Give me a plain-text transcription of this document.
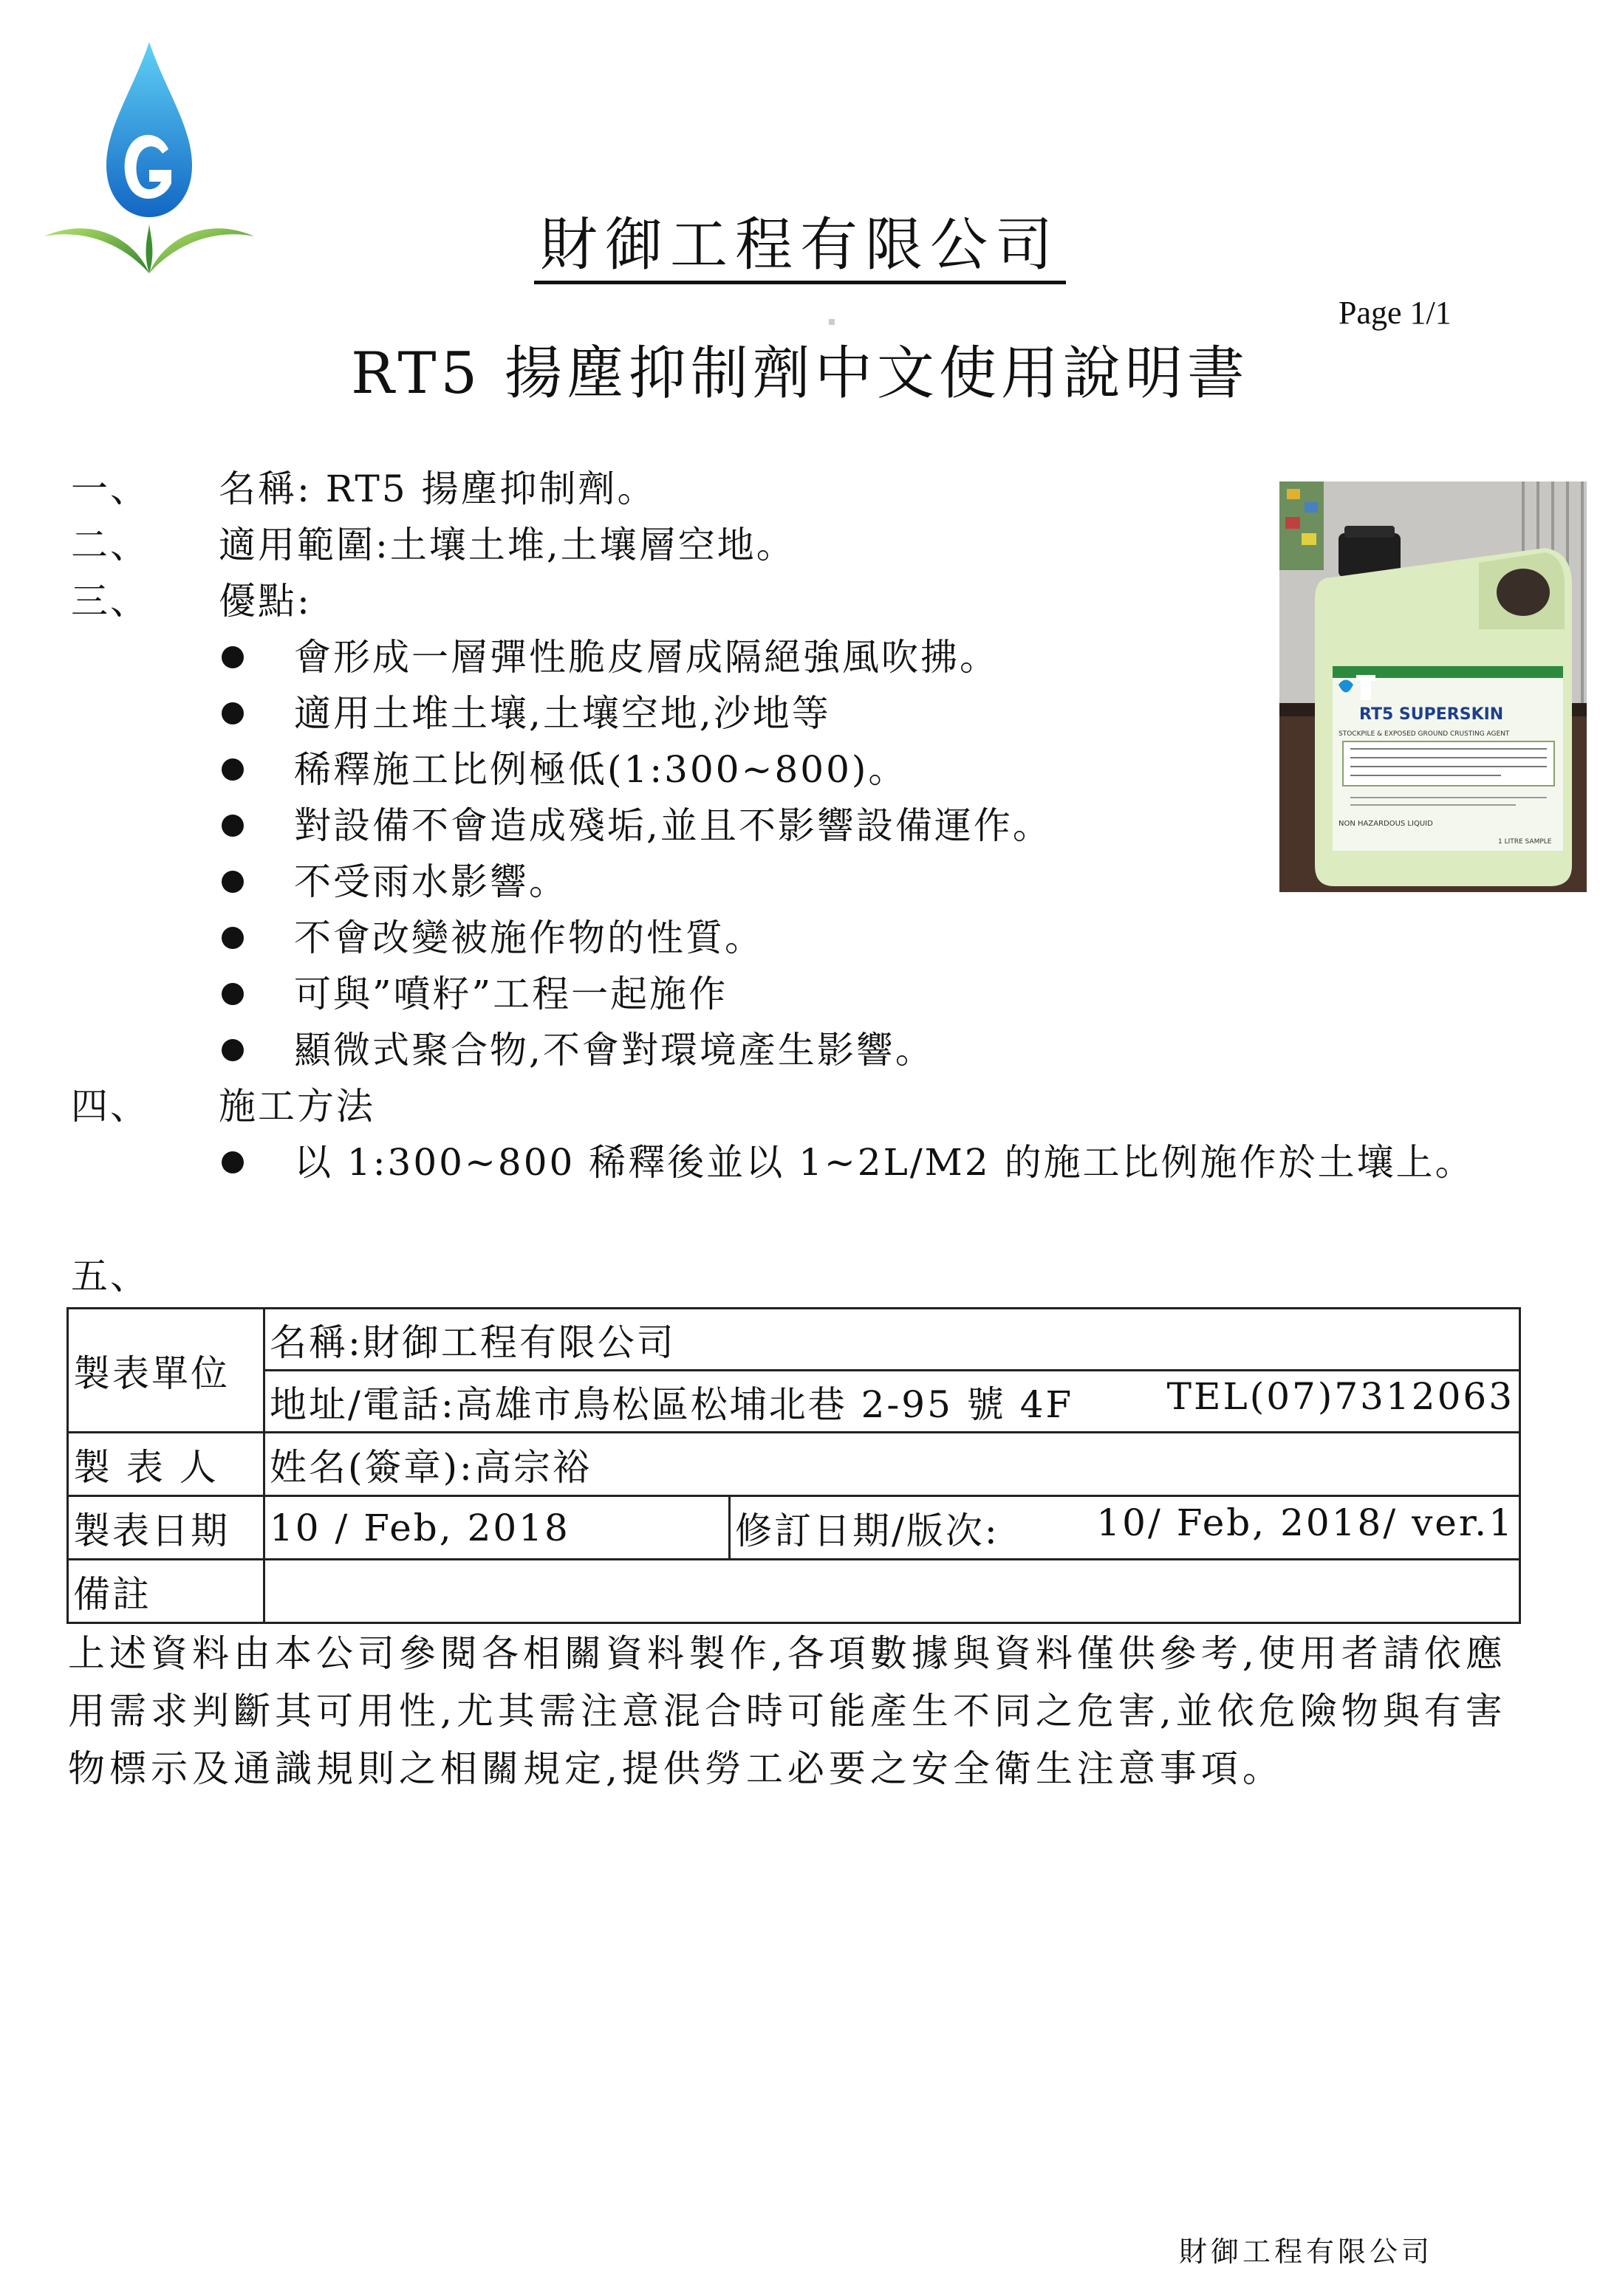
財御工程有限公司
Page 1/1
RT5 揚塵抑制劑中文使用說明書
一、 名稱: RT5 揚塵抑制劑。
二、 適用範圍:土壤土堆,土壤層空地。
三、 優點:
會形成一層彈性脆皮層成隔絕強風吹拂。
適用土堆土壤,土壤空地,沙地等
稀釋施工比例極低(1:300~800)。
對設備不會造成殘垢,並且不影響設備運作。
不受雨水影響。
不會改變被施作物的性質。
可與”噴籽”工程一起施作
顯微式聚合物,不會對環境產生影響。
四、 施工方法
以 1:300~800 稀釋後並以 1~2L/M2 的施工比例施作於土壤上。
五、
RT5 SUPERSKIN
STOCKPILE & EXPOSED GROUND CRUSTING AGENT
NON HAZARDOUS LIQUID
1 LITRE SAMPLE
製表單位	名稱:財御工程有限公司	
	地址/電話:高雄市鳥松區松埔北巷 2-95 號 4F TEL(07)7312063	

製 表 人	姓名(簽章):高宗裕	
製表日期	10 / Feb, 2018	修訂日期/版次: 10/ Feb, 2018/ ver.1

備註		
上述資料由本公司參閱各相關資料製作,各項數據與資料僅供參考,使用者請依應用需求判斷其可用性,尤其需注意混合時可能產生不同之危害,並依危險物與有害物標示及通識規則之相關規定,提供勞工必要之安全衛生注意事項。
財御工程有限公司
